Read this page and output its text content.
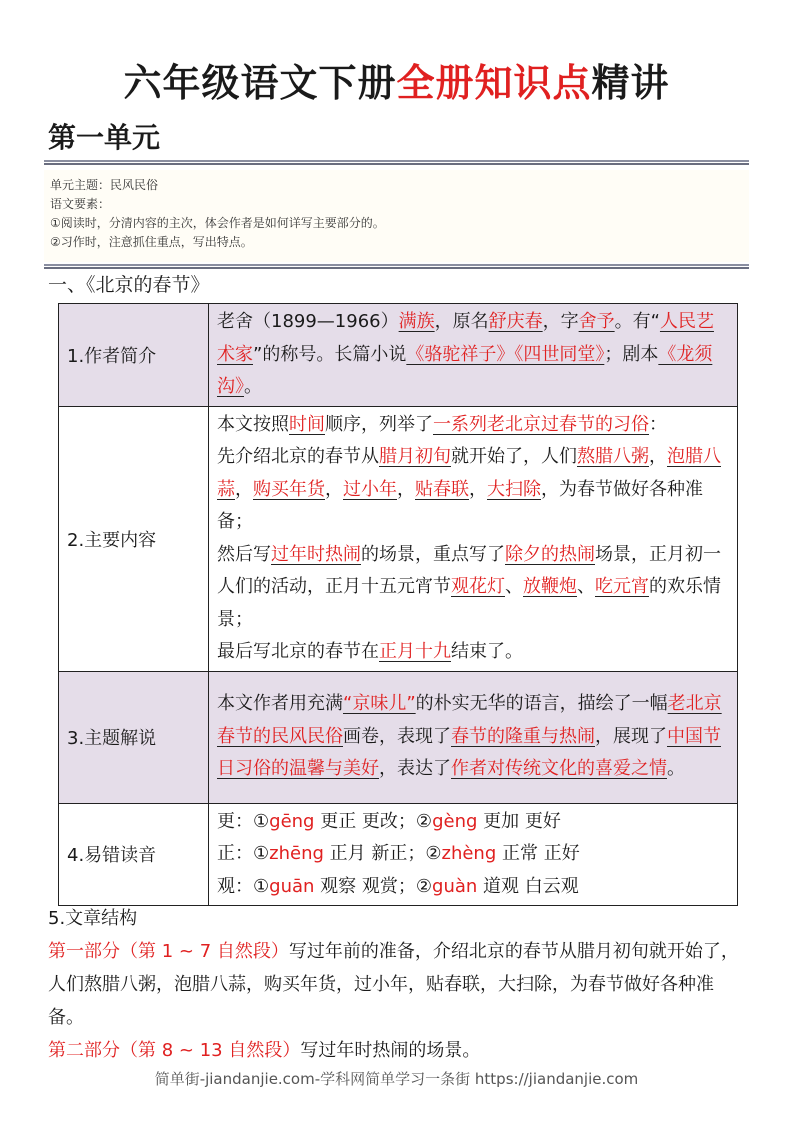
六年级语文下册全册知识点精讲
第一单元
单元主题：民风民俗
语文要素：
①阅读时，分清内容的主次，体会作者是如何详写主要部分的。
②习作时，注意抓住重点，写出特点。
一、《北京的春节》
1.作者简介	老舍（1899—1966）满族，原名舒庆春，字舍予。有“人民艺术家”的称号。长篇小说《骆驼祥子》《四世同堂》；剧本《龙须沟》。
2.主要内容	本文按照时间顺序，列举了一系列老北京过春节的习俗：
先介绍北京的春节从腊月初旬就开始了，人们熬腊八粥，泡腊八蒜，购买年货，过小年，贴春联，大扫除，为春节做好各种准备；
然后写过年时热闹的场景，重点写了除夕的热闹场景，正月初一人们的活动，正月十五元宵节观花灯、放鞭炮、吃元宵的欢乐情景；
最后写北京的春节在正月十九结束了。

3.主题解说	本文作者用充满“京味儿”的朴实无华的语言，描绘了一幅老北京春节的民风民俗画卷，表现了春节的隆重与热闹，展现了中国节日习俗的温馨与美好，表达了作者对传统文化的喜爱之情。
4.易错读音	更：①gēng 更正 更改；②gèng 更加 更好
正：①zhēng 正月 新正；②zhèng 正常 正好
观：①guān 观察 观赏；②guàn 道观 白云观
5.文章结构
第一部分（第 1 ~ 7 自然段）写过年前的准备，介绍北京的春节从腊月初旬就开始了，人们熬腊八粥，泡腊八蒜，购买年货，过小年，贴春联，大扫除，为春节做好各种准备。
第二部分（第 8 ~ 13 自然段）写过年时热闹的场景。
简单街-jiandanjie.com-学科网简单学习一条街 https://jiandanjie.com
